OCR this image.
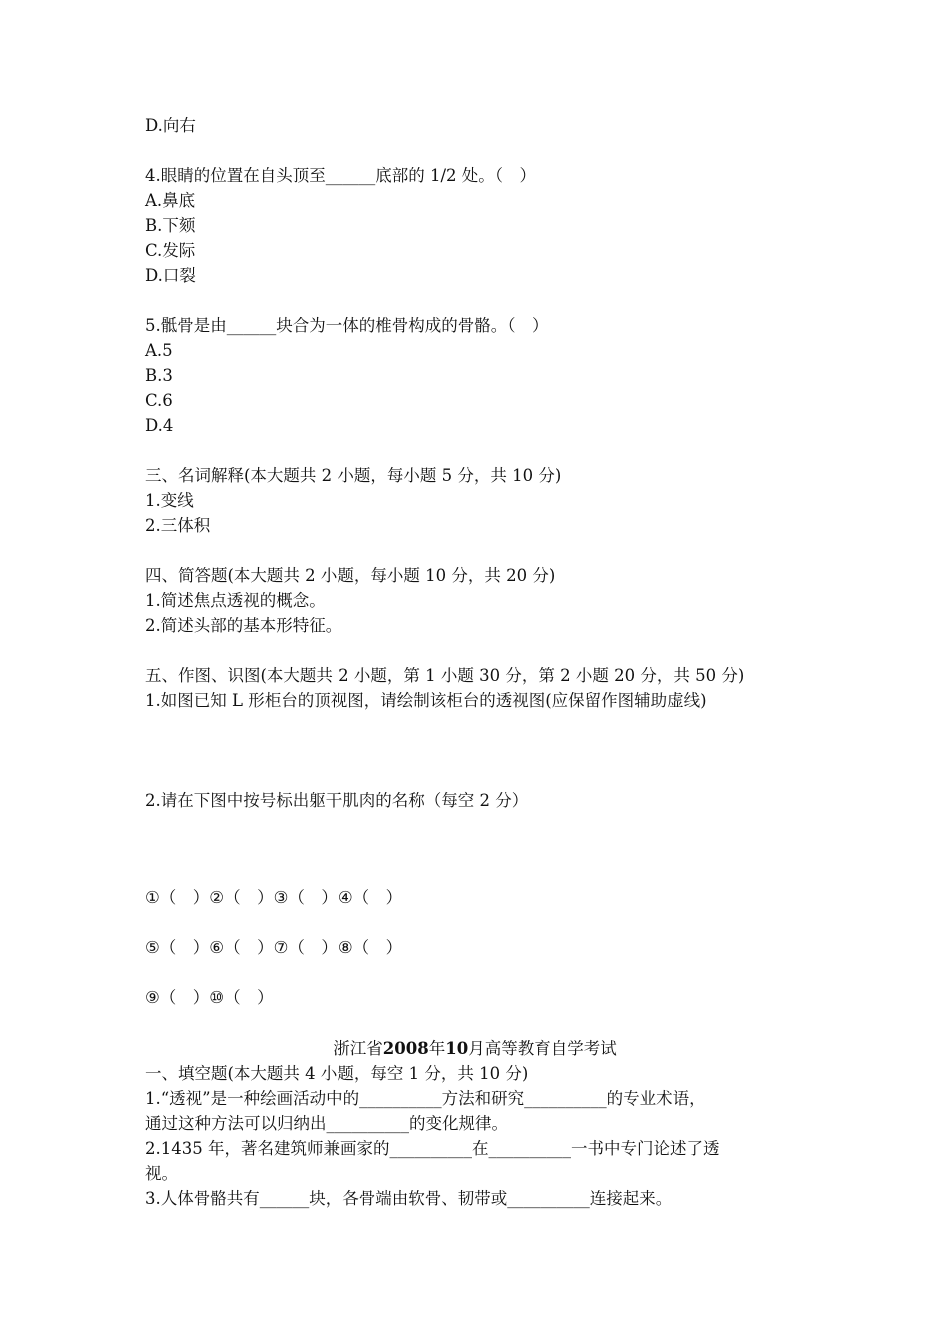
D.向右
4.眼睛的位置在自头顶至______底部的 1/2 处。（　）
A.鼻底
B.下颏
C.发际
D.口裂
5.骶骨是由______块合为一体的椎骨构成的骨骼。（　）
A.5
B.3
C.6
D.4
三、名词解释(本大题共 2 小题，每小题 5 分，共 10 分)
1.变线
2.三体积
四、简答题(本大题共 2 小题，每小题 10 分，共 20 分)
1.简述焦点透视的概念。
2.简述头部的基本形特征。
五、作图、识图(本大题共 2 小题，第 1 小题 30 分，第 2 小题 20 分，共 50 分)
1.如图已知 L 形柜台的顶视图，请绘制该柜台的透视图(应保留作图辅助虚线)
2.请在下图中按号标出躯干肌肉的名称（每空 2 分）
①（　）②（　）③（　）④（　）
⑤（　）⑥（　）⑦（　）⑧（　）
⑨（　）⑩（　）
浙江省2008年10月高等教育自学考试
一、填空题(本大题共 4 小题，每空 1 分，共 10 分)
1.“透视”是一种绘画活动中的__________方法和研究__________的专业术语，
通过这种方法可以归纳出__________的变化规律。
2.1435 年，著名建筑师兼画家的__________在__________一书中专门论述了透
视。
3.人体骨骼共有______块，各骨端由软骨、韧带或__________连接起来。
